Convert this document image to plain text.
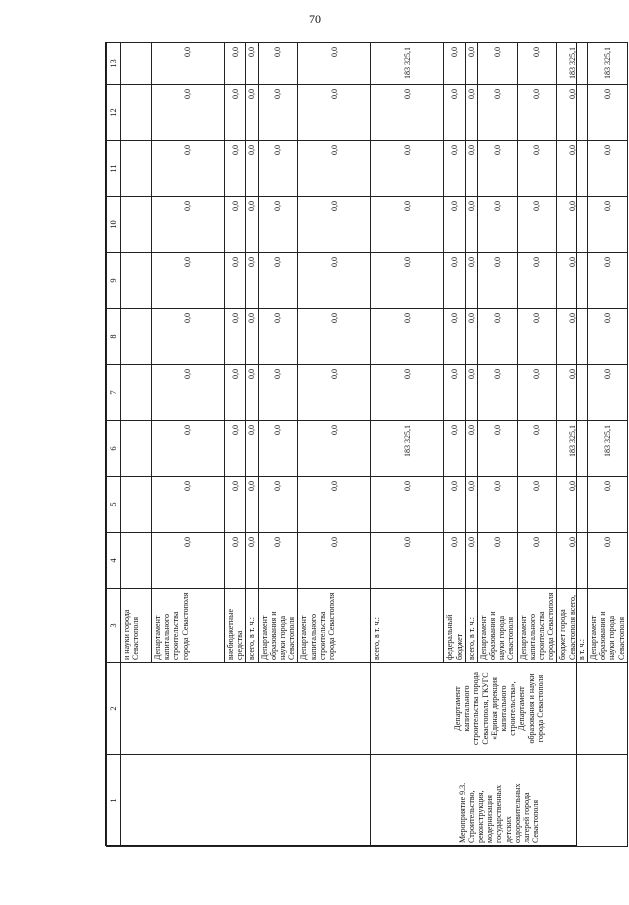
70
1	2	3	4	5	6	7	8	9	10	11	12	13
		и науки города Севастополя										
		Департамент капитального строительства города Севастополя	0,0	0,0	0,0	0,0	0,0	0,0	0,0	0,0	0,0	0,0
		внебюджетные средства	0,0	0,0	0,0	0,0	0,0	0,0	0,0	0,0	0,0	0,0
		всего, в т. ч.:	0,0	0,0	0,0	0,0	0,0	0,0	0,0	0,0	0,0	0,0
		Департамент образования и науки города Севастополя	0,0	0,0	0,0	0,0	0,0	0,0	0,0	0,0	0,0	0,0
		Департамент капитального строительства города Севастополя	0,0	0,0	0,0	0,0	0,0	0,0	0,0	0,0	0,0	0,0
Мероприятие 9.3. Строительство, реконструкция, модернизация государственных детских оздоровительных лагерей города Севастополя	Департамент капитального строительства города Севастополя, ГКУГС «Единая дирекция капитального строительства», Департамент образования и науки города Севастополя	всего, в т. ч.:	0,0	0,0	183 325,1	0,0	0,0	0,0	0,0	0,0	0,0	183 325,1
		федеральный бюджет	0,0	0,0	0,0	0,0	0,0	0,0	0,0	0,0	0,0	0,0
		всего, в т. ч.:	0,0	0,0	0,0	0,0	0,0	0,0	0,0	0,0	0,0	0,0
		Департамент образования и науки города Севастополя	0,0	0,0	0,0	0,0	0,0	0,0	0,0	0,0	0,0	0,0
		Департамент капитального строительства города Севастополя	0,0	0,0	0,0	0,0	0,0	0,0	0,0	0,0	0,0	0,0
		бюджет города Севастополя всего, в т. ч.:	0,0	0,0	183 325,1	0,0	0,0	0,0	0,0	0,0	0,0	183 325,1
		Департамент образования и науки города Севастополя	0,0	0,0	183 325,1	0,0	0,0	0,0	0,0	0,0	0,0	183 325,1
